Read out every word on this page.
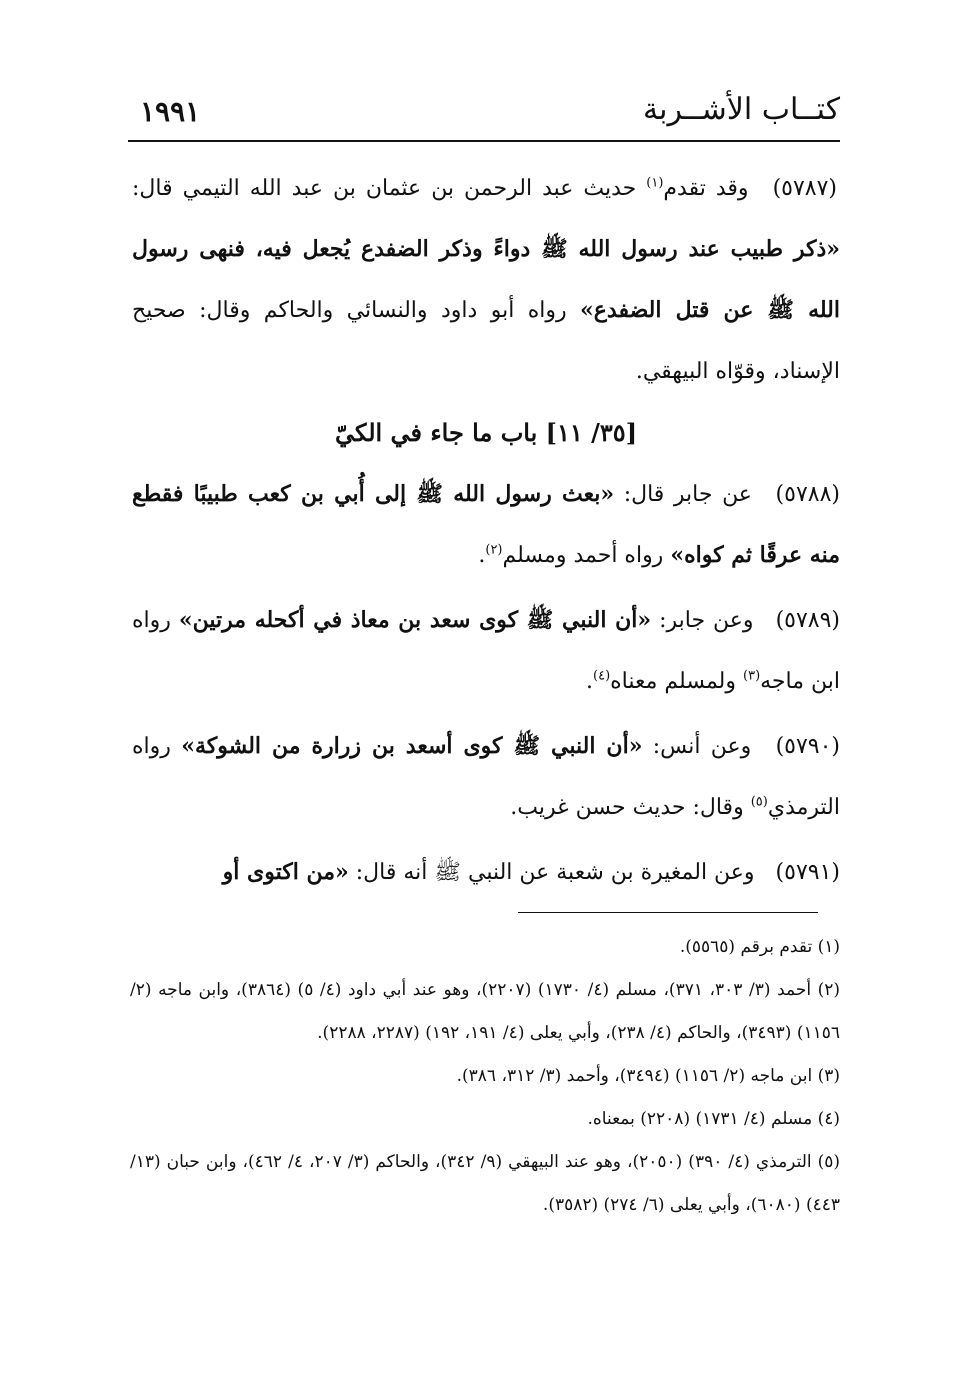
كتــاب الأشــربة
١٩٩١

(٥٧٨٧) وقد تقدم$^{(١)}$ حديث عبد الرحمن بن عثمان بن عبد الله التيمي قال: «ذكر طبيب عند رسول الله ﷺ دواءً وذكر الضفدع يُجعل فيه، فنهى رسول الله ﷺ عن قتل الضفدع» رواه أبو داود والنسائي والحاكم وقال: صحيح الإسناد، وقوّاه البيهقي.

[٣٥/ ١١] باب ما جاء في الكيّ

(٥٧٨٨) عن جابر قال: «بعث رسول الله ﷺ إلى أُبي بن كعب طبيبًا فقطع منه عرقًا ثم كواه» رواه أحمد ومسلم$^{(٢)}$.

(٥٧٨٩) وعن جابر: «أن النبي ﷺ كوى سعد بن معاذ في أكحله مرتين» رواه ابن ماجه$^{(٣)}$ ولمسلم معناه$^{(٤)}$.

(٥٧٩٠) وعن أنس: «أن النبي ﷺ كوى أسعد بن زرارة من الشوكة» رواه الترمذي$^{(٥)}$ وقال: حديث حسن غريب.

(٥٧٩١) وعن المغيرة بن شعبة عن النبي ﷺ أنه قال: «من اكتوى أو

(١) تقدم برقم (٥٥٦٥).

(٢) أحمد (٣/ ٣٠٣، ٣٧١)، مسلم (٤/ ١٧٣٠) (٢٢٠٧)، وهو عند أبي داود (٤/ ٥) (٣٨٦٤)، وابن ماجه (٢/ ١١٥٦) (٣٤٩٣)، والحاكم (٤/ ٢٣٨)، وأبي يعلى (٤/ ١٩١، ١٩٢) (٢٢٨٧، ٢٢٨٨).

(٣) ابن ماجه (٢/ ١١٥٦) (٣٤٩٤)، وأحمد (٣/ ٣١٢، ٣٨٦).

(٤) مسلم (٤/ ١٧٣١) (٢٢٠٨) بمعناه.

(٥) الترمذي (٤/ ٣٩٠) (٢٠٥٠)، وهو عند البيهقي (٩/ ٣٤٢)، والحاكم (٣/ ٢٠٧، ٤/ ٤٦٢)، وابن حبان (١٣/ ٤٤٣) (٦٠٨٠)، وأبي يعلى (٦/ ٢٧٤) (٣٥٨٢).
